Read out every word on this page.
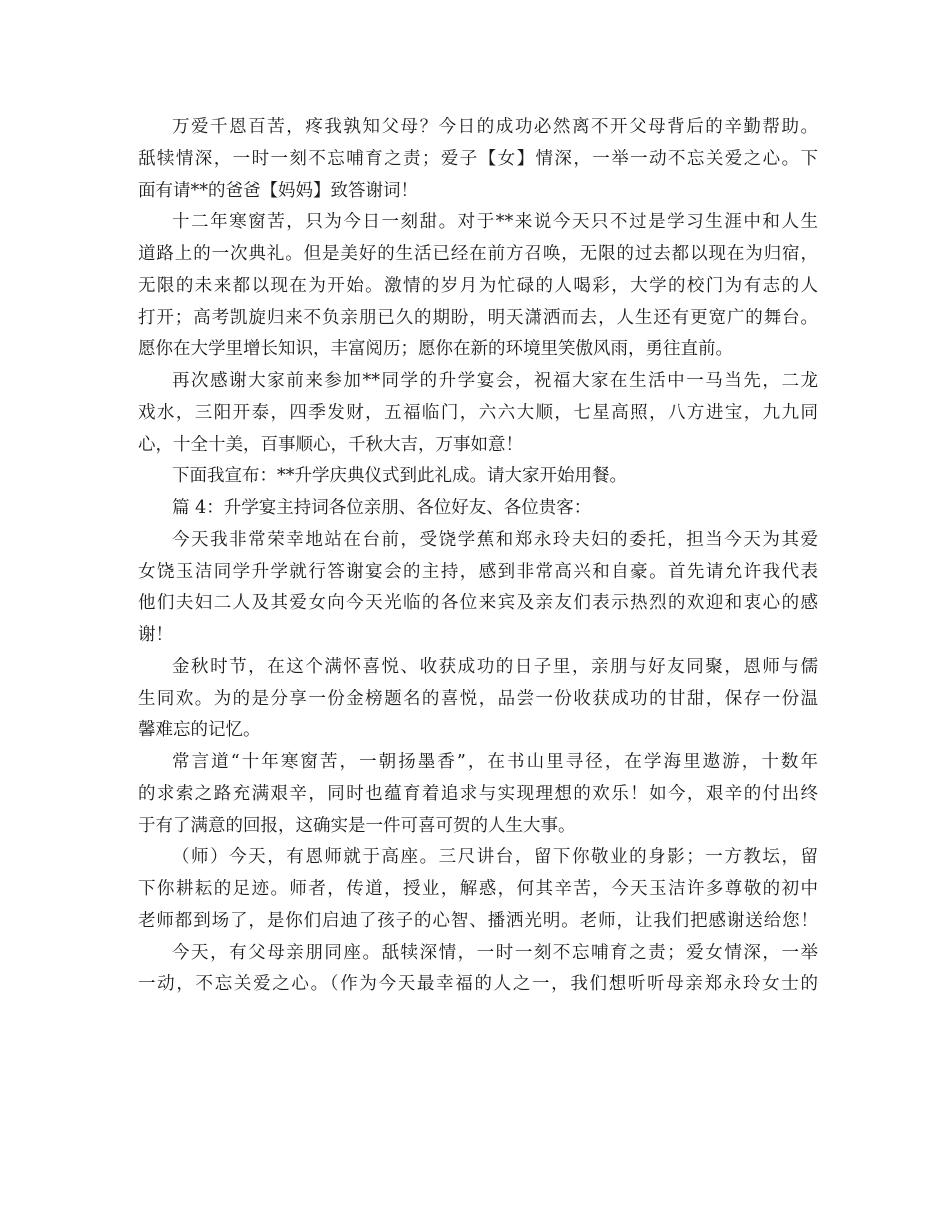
万爱千恩百苦，疼我孰知父母？今日的成功必然离不开父母背后的辛勤帮助。
舐犊情深，一时一刻不忘哺育之责；爱子【女】情深，一举一动不忘关爱之心。下
面有请**的爸爸【妈妈】致答谢词！
十二年寒窗苦，只为今日一刻甜。对于**来说今天只不过是学习生涯中和人生
道路上的一次典礼。但是美好的生活已经在前方召唤，无限的过去都以现在为归宿，
无限的未来都以现在为开始。激情的岁月为忙碌的人喝彩，大学的校门为有志的人
打开；高考凯旋归来不负亲朋已久的期盼，明天潇洒而去，人生还有更宽广的舞台。
愿你在大学里增长知识，丰富阅历；愿你在新的环境里笑傲风雨，勇往直前。
再次感谢大家前来参加**同学的升学宴会，祝福大家在生活中一马当先，二龙
戏水，三阳开泰，四季发财，五福临门，六六大顺，七星高照，八方进宝，九九同
心，十全十美，百事顺心，千秋大吉，万事如意！
下面我宣布：**升学庆典仪式到此礼成。请大家开始用餐。
篇 4：升学宴主持词各位亲朋、各位好友、各位贵客：
今天我非常荣幸地站在台前，受饶学蕉和郑永玲夫妇的委托，担当今天为其爱
女饶玉洁同学升学就行答谢宴会的主持，感到非常高兴和自豪。首先请允许我代表
他们夫妇二人及其爱女向今天光临的各位来宾及亲友们表示热烈的欢迎和衷心的感
谢！
金秋时节，在这个满怀喜悦、收获成功的日子里，亲朋与好友同聚，恩师与儒
生同欢。为的是分享一份金榜题名的喜悦，品尝一份收获成功的甘甜，保存一份温
馨难忘的记忆。
常言道“十年寒窗苦，一朝扬墨香”，在书山里寻径，在学海里遨游，十数年
的求索之路充满艰辛，同时也蕴育着追求与实现理想的欢乐！如今，艰辛的付出终
于有了满意的回报，这确实是一件可喜可贺的人生大事。
（师）今天，有恩师就于高座。三尺讲台，留下你敬业的身影；一方教坛，留
下你耕耘的足迹。师者，传道，授业，解惑，何其辛苦，今天玉洁许多尊敬的初中
老师都到场了，是你们启迪了孩子的心智、播洒光明。老师，让我们把感谢送给您！
今天，有父母亲朋同座。舐犊深情，一时一刻不忘哺育之责；爱女情深，一举
一动，不忘关爱之心。（作为今天最幸福的人之一，我们想听听母亲郑永玲女士的
